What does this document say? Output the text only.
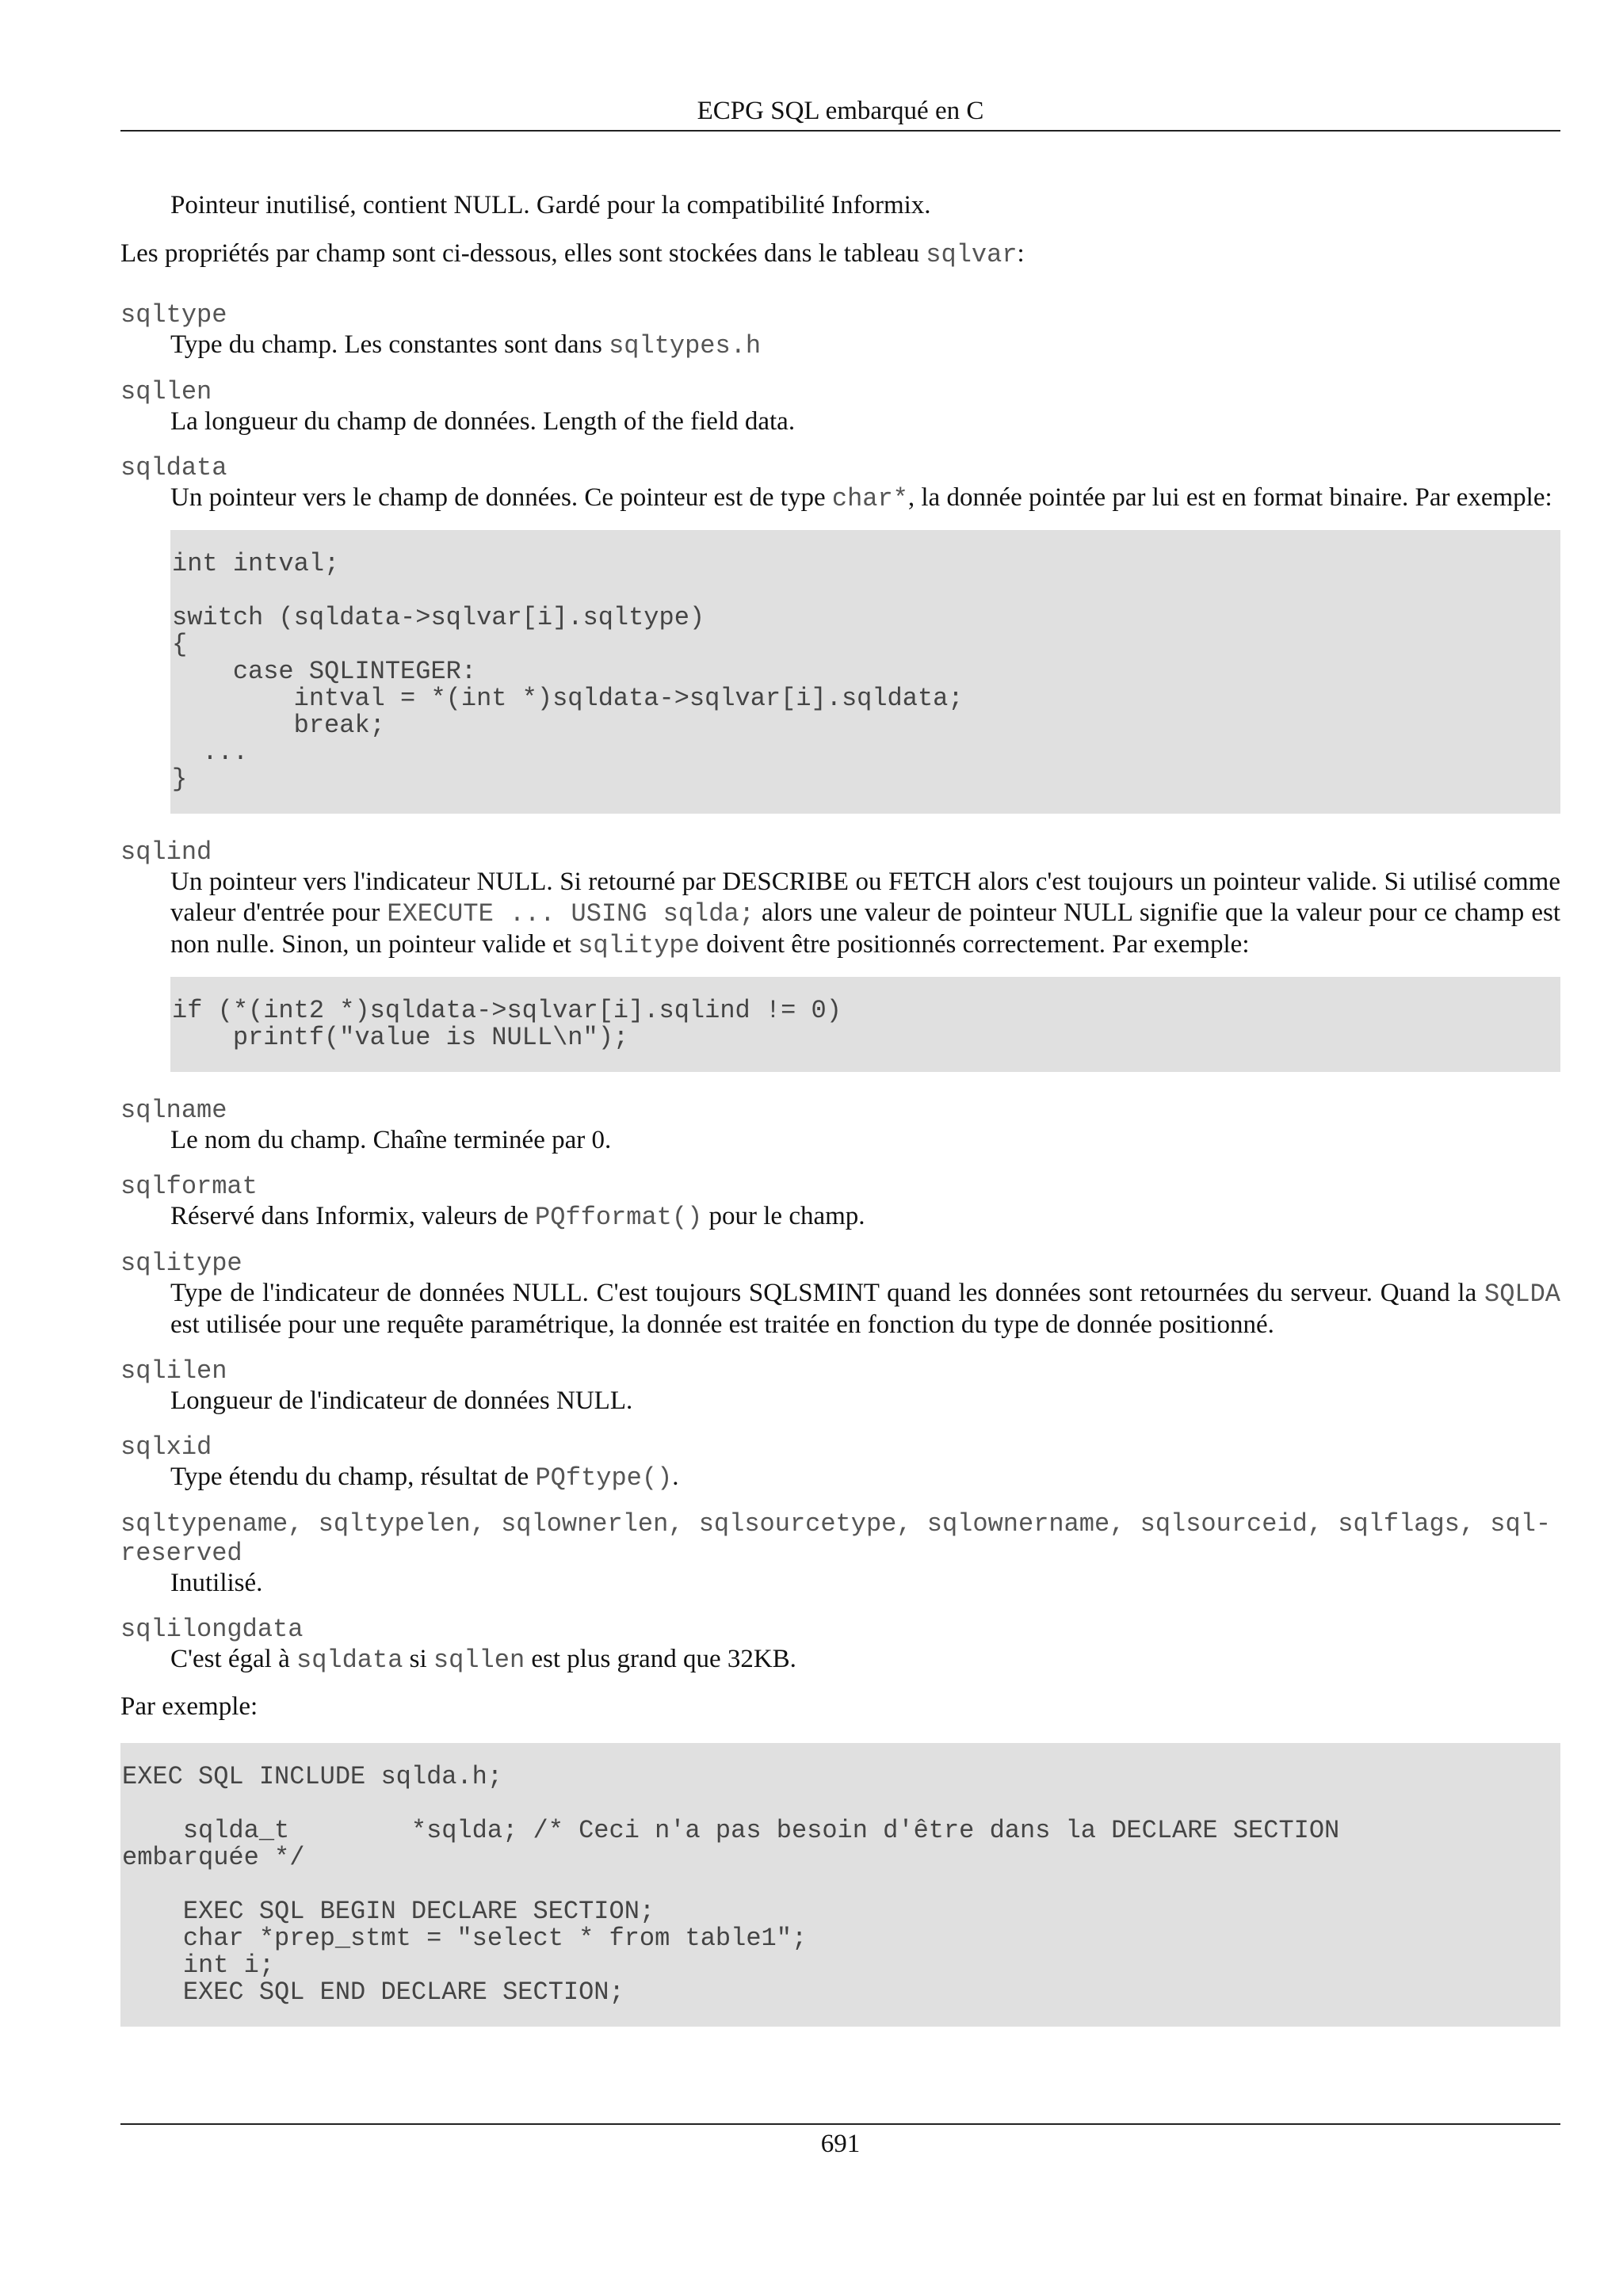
ECPG SQL embarqué en C

Pointeur inutilisé, contient NULL. Gardé pour la compatibilité Informix.

Les propriétés par champ sont ci-dessous, elles sont stockées dans le tableau sqlvar:

sqltype
Type du champ. Les constantes sont dans sqltypes.h
sqllen
La longueur du champ de données. Length of the field data.
sqldata
Un pointeur vers le champ de données. Ce pointeur est de type char*, la donnée pointée par lui est en format binaire. Par exemple:
int intval;

switch (sqldata->sqlvar[i].sqltype)
{
case SQLINTEGER:
intval = *(int *)sqldata->sqlvar[i].sqldata;
break;
...
}
sqlind
Un pointeur vers l'indicateur NULL. Si retourné par DESCRIBE ou FETCH alors c'est toujours un pointeur valide. Si utilisé comme valeur d'entrée pour EXECUTE ... USING sqlda; alors une valeur de pointeur NULL signifie que la valeur pour ce champ est non nulle. Sinon, un pointeur valide et sqlitype doivent être positionnés correctement. Par exemple:
if (*(int2 *)sqldata->sqlvar[i].sqlind != 0)
printf("value is NULL\n");
sqlname
Le nom du champ. Chaîne terminée par 0.
sqlformat
Réservé dans Informix, valeurs de PQfformat() pour le champ.
sqlitype
Type de l'indicateur de données NULL. C'est toujours SQLSMINT quand les données sont retournées du serveur. Quand la SQLDA est utilisée pour une requête paramétrique, la donnée est traitée en fonction du type de donnée positionné.
sqlilen
Longueur de l'indicateur de données NULL.
sqlxid
Type étendu du champ, résultat de PQftype().
sqltypename, sqltypelen, sqlownerlen, sqlsourcetype, sqlownername, sqlsourceid, sqlflags, sql-reserved
Inutilisé.
sqlilongdata
C'est égal à sqldata si sqllen est plus grand que 32KB.

Par exemple:

EXEC SQL INCLUDE sqlda.h;

sqlda_t        *sqlda; /* Ceci n'a pas besoin d'être dans la DECLARE SECTION
embarquée */

EXEC SQL BEGIN DECLARE SECTION;
char *prep_stmt = "select * from table1";
int i;
EXEC SQL END DECLARE SECTION;
691
